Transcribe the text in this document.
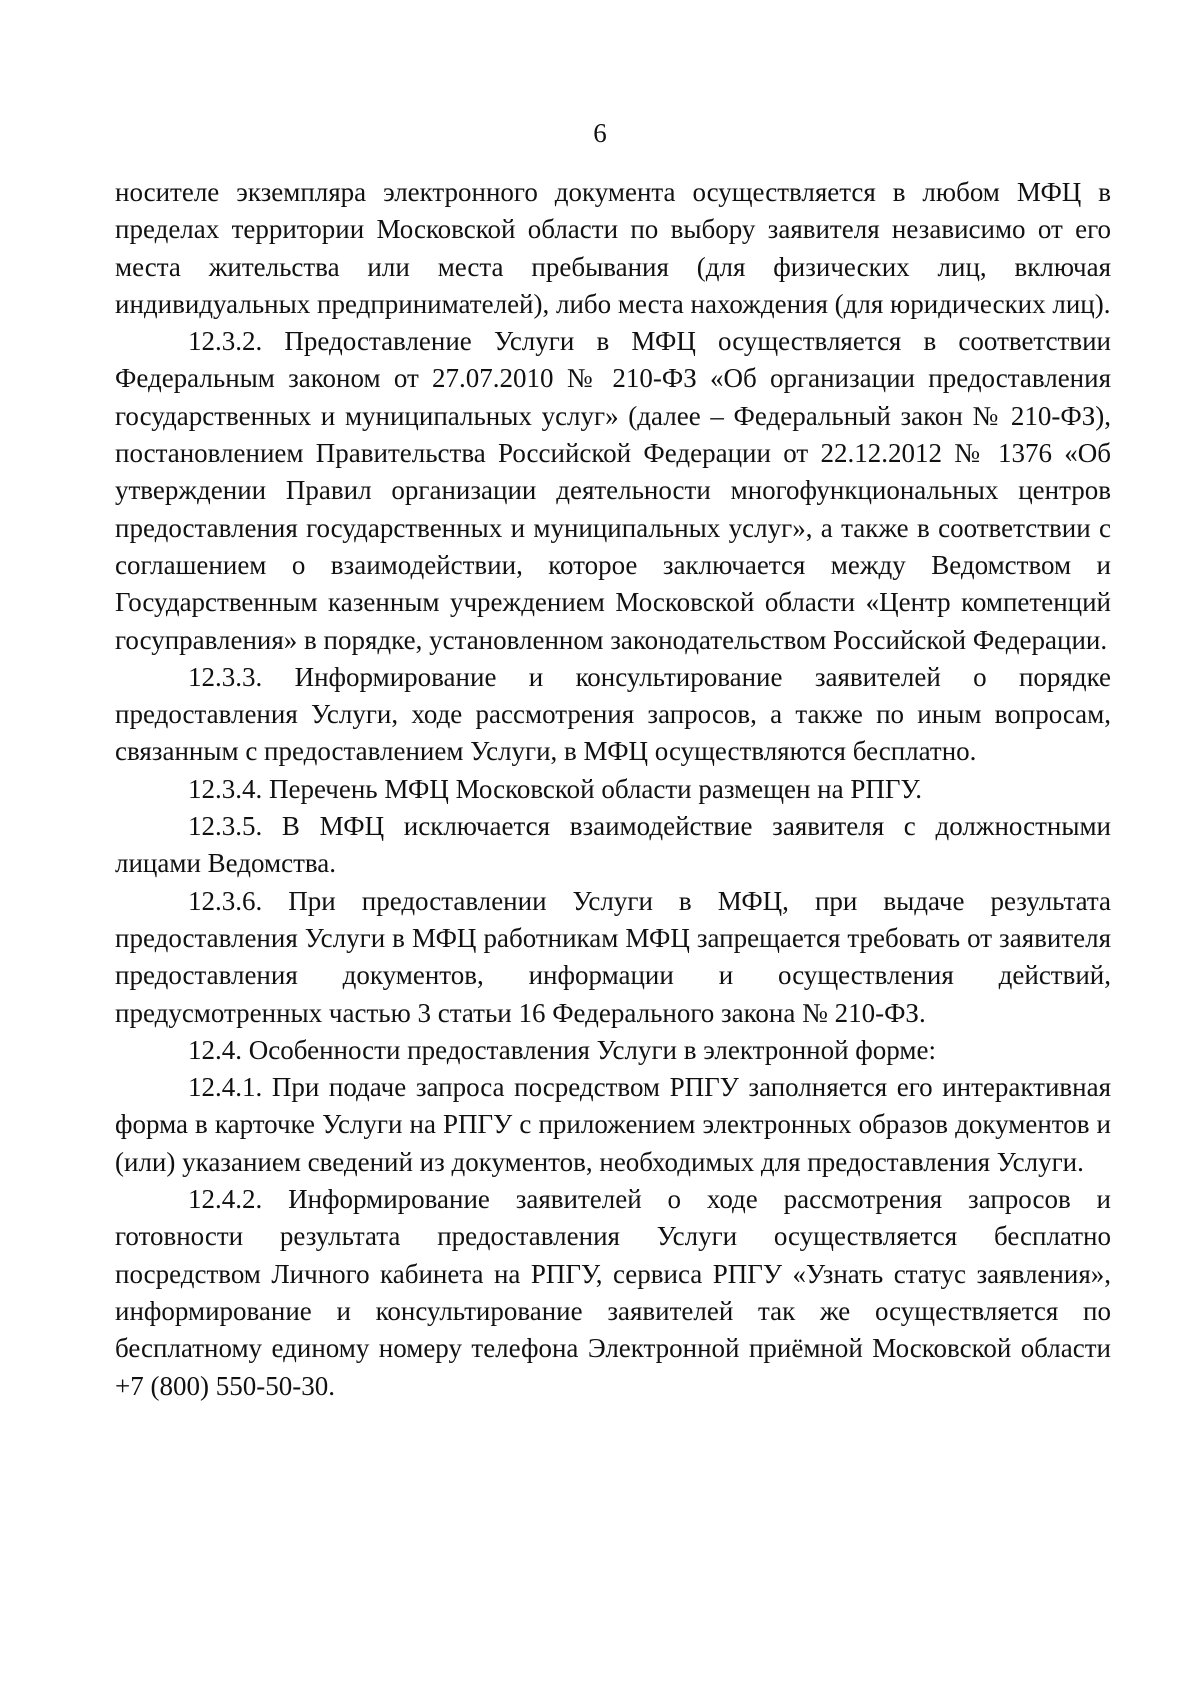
6

носителе экземпляра электронного документа осуществляется в любом МФЦ в пределах территории Московской области по выбору заявителя независимо от его места жительства или места пребывания (для физических лиц, включая индивидуальных предпринимателей), либо места нахождения (для юридических лиц).

12.3.2. Предоставление Услуги в МФЦ осуществляется в соответствии Федеральным законом от 27.07.2010 № 210-ФЗ «Об организации предоставления государственных и муниципальных услуг» (далее – Федеральный закон № 210-ФЗ), постановлением Правительства Российской Федерации от 22.12.2012 № 1376 «Об утверждении Правил организации деятельности многофункциональных центров предоставления государственных и муниципальных услуг», а также в соответствии с соглашением о взаимодействии, которое заключается между Ведомством и Государственным казенным учреждением Московской области «Центр компетенций госуправления» в порядке, установленном законодательством Российской Федерации.

12.3.3. Информирование и консультирование заявителей о порядке предоставления Услуги, ходе рассмотрения запросов, а также по иным вопросам, связанным с предоставлением Услуги, в МФЦ осуществляются бесплатно.

12.3.4. Перечень МФЦ Московской области размещен на РПГУ.

12.3.5. В МФЦ исключается взаимодействие заявителя с должностными лицами Ведомства.

12.3.6. При предоставлении Услуги в МФЦ, при выдаче результата предоставления Услуги в МФЦ работникам МФЦ запрещается требовать от заявителя предоставления документов, информации и осуществления действий, предусмотренных частью 3 статьи 16 Федерального закона № 210-ФЗ.

12.4. Особенности предоставления Услуги в электронной форме:

12.4.1. При подаче запроса посредством РПГУ заполняется его интерактивная форма в карточке Услуги на РПГУ с приложением электронных образов документов и (или) указанием сведений из документов, необходимых для предоставления Услуги.

12.4.2. Информирование заявителей о ходе рассмотрения запросов и готовности результата предоставления Услуги осуществляется бесплатно посредством Личного кабинета на РПГУ, сервиса РПГУ «Узнать статус заявления», информирование и консультирование заявителей так же осуществляется по бесплатному единому номеру телефона Электронной приёмной Московской области +7 (800) 550-50-30.
